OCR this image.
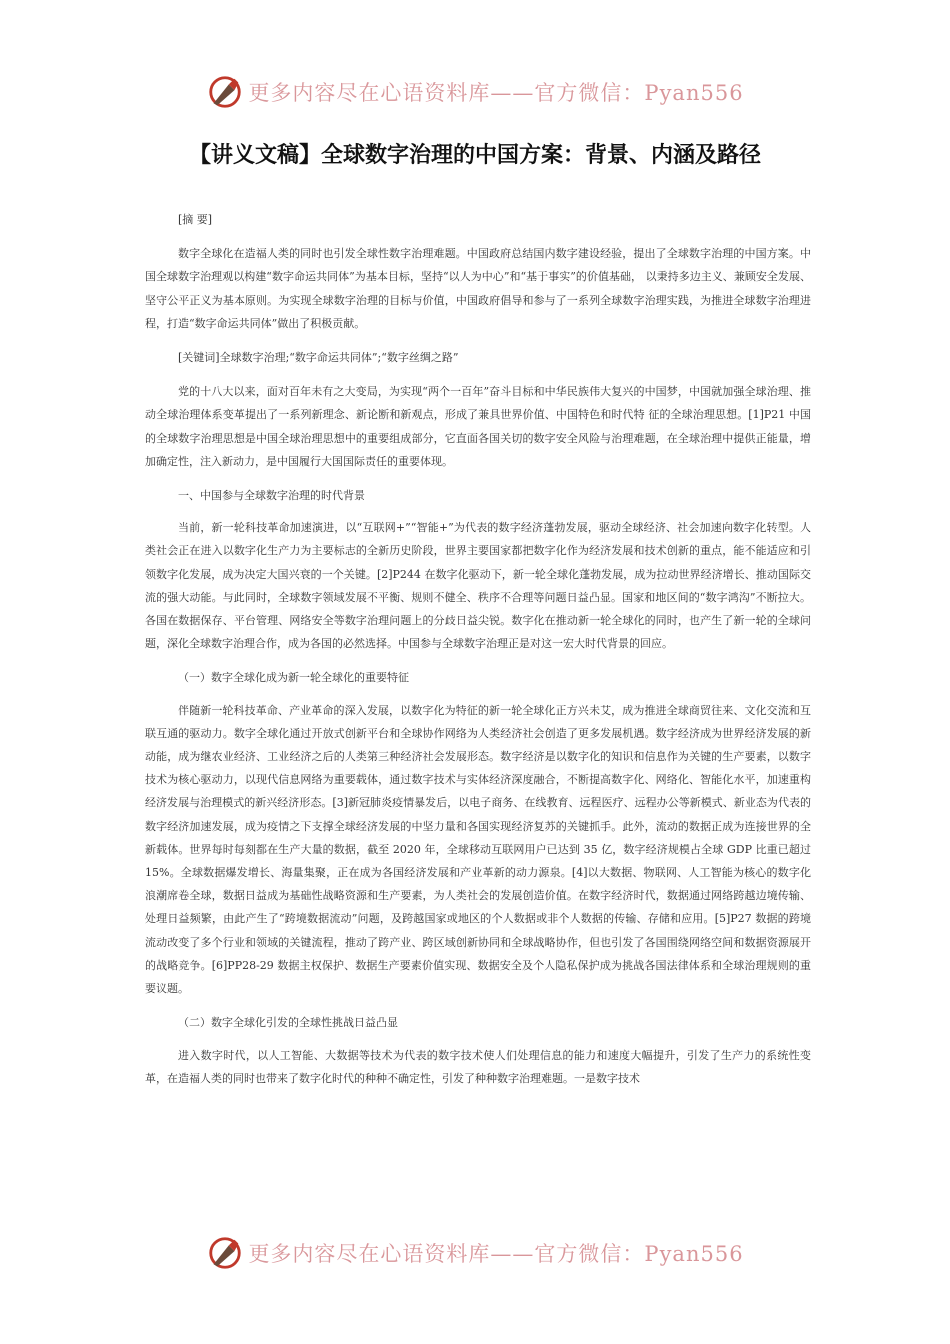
更多内容尽在心语资料库——官方微信：Pyan556
【讲义文稿】全球数字治理的中国方案：背景、内涵及路径

[摘 要]

数字全球化在造福人类的同时也引发全球性数字治理难题。中国政府总结国内数字建设经验，提出了全球数字治理的中国方案。中国全球数字治理观以构建“数字命运共同体”为基本目标，坚持“以人为中心”和“基于事实”的价值基础， 以秉持多边主义、兼顾安全发展、坚守公平正义为基本原则。为实现全球数字治理的目标与价值，中国政府倡导和参与了一系列全球数字治理实践，为推进全球数字治理进程，打造“数字命运共同体”做出了积极贡献。

[关键词]全球数字治理;“数字命运共同体”;“数字丝绸之路”

党的十八大以来，面对百年未有之大变局，为实现“两个一百年”奋斗目标和中华民族伟大复兴的中国梦，中国就加强全球治理、推动全球治理体系变革提出了一系列新理念、新论断和新观点，形成了兼具世界价值、中国特色和时代特 征的全球治理思想。[1]P21 中国的全球数字治理思想是中国全球治理思想中的重要组成部分，它直面各国关切的数字安全风险与治理难题，在全球治理中提供正能量，增加确定性，注入新动力，是中国履行大国国际责任的重要体现。

一、中国参与全球数字治理的时代背景

当前，新一轮科技革命加速演进，以“互联网+”“智能+”为代表的数字经济蓬勃发展，驱动全球经济、社会加速向数字化转型。人类社会正在进入以数字化生产力为主要标志的全新历史阶段，世界主要国家都把数字化作为经济发展和技术创新的重点，能不能适应和引领数字化发展，成为决定大国兴衰的一个关键。[2]P244 在数字化驱动下，新一轮全球化蓬勃发展，成为拉动世界经济增长、推动国际交流的强大动能。与此同时，全球数字领域发展不平衡、规则不健全、秩序不合理等问题日益凸显。国家和地区间的“数字鸿沟”不断拉大。各国在数据保存、平台管理、网络安全等数字治理问题上的分歧日益尖锐。数字化在推动新一轮全球化的同时，也产生了新一轮的全球问题，深化全球数字治理合作，成为各国的必然选择。中国参与全球数字治理正是对这一宏大时代背景的回应。

（一）数字全球化成为新一轮全球化的重要特征

伴随新一轮科技革命、产业革命的深入发展，以数字化为特征的新一轮全球化正方兴未艾，成为推进全球商贸往来、文化交流和互联互通的驱动力。数字全球化通过开放式创新平台和全球协作网络为人类经济社会创造了更多发展机遇。数字经济成为世界经济发展的新动能，成为继农业经济、工业经济之后的人类第三种经济社会发展形态。数字经济是以数字化的知识和信息作为关键的生产要素，以数字技术为核心驱动力，以现代信息网络为重要载体，通过数字技术与实体经济深度融合，不断提高数字化、网络化、智能化水平，加速重构经济发展与治理模式的新兴经济形态。[3]新冠肺炎疫情暴发后，以电子商务、在线教育、远程医疗、远程办公等新模式、新业态为代表的数字经济加速发展，成为疫情之下支撑全球经济发展的中坚力量和各国实现经济复苏的关键抓手。此外，流动的数据正成为连接世界的全新载体。世界每时每刻都在生产大量的数据，截至 2020 年，全球移动互联网用户已达到 35 亿，数字经济规模占全球 GDP 比重已超过 15%。全球数据爆发增长、海量集聚，正在成为各国经济发展和产业革新的动力源泉。[4]以大数据、物联网、人工智能为核心的数字化浪潮席卷全球，数据日益成为基础性战略资源和生产要素，为人类社会的发展创造价值。在数字经济时代，数据通过网络跨越边境传输、处理日益频繁，由此产生了“跨境数据流动”问题，及跨越国家或地区的个人数据或非个人数据的传输、存储和应用。[5]P27 数据的跨境流动改变了多个行业和领域的关键流程，推动了跨产业、跨区域创新协同和全球战略协作，但也引发了各国围绕网络空间和数据资源展开的战略竞争。[6]PP28-29 数据主权保护、数据生产要素价值实现、数据安全及个人隐私保护成为挑战各国法律体系和全球治理规则的重要议题。

（二）数字全球化引发的全球性挑战日益凸显

进入数字时代，以人工智能、大数据等技术为代表的数字技术使人们处理信息的能力和速度大幅提升，引发了生产力的系统性变革，在造福人类的同时也带来了数字化时代的种种不确定性，引发了种种数字治理难题。一是数字技术

更多内容尽在心语资料库——官方微信：Pyan556
